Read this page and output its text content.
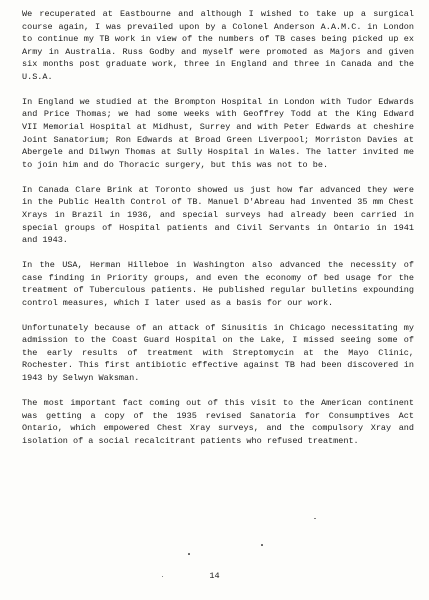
We recuperated at Eastbourne and although I wished to take up a surgical course again, I was prevailed upon by a Colonel Anderson A.A.M.C. in London to continue my TB work in view of the numbers of TB cases being picked up ex Army in Australia. Russ Godby and myself were promoted as Majors and given six months post graduate work, three in England and three in Canada and the U.S.A.

In England we studied at the Brompton Hospital in London with Tudor Edwards and Price Thomas; we had some weeks with Geoffrey Todd at the King Edward VII Memorial Hospital at Midhust, Surrey and with Peter Edwards at cheshire Joint Sanatorium; Ron Edwards at Broad Green Liverpool; Morriston Davies at Abergele and Dilwyn Thomas at Sully Hospital in Wales. The latter invited me to join him and do Thoracic surgery, but this was not to be.

In Canada Clare Brink at Toronto showed us just how far advanced they were in the Public Health Control of TB. Manuel D'Abreau had invented 35 mm Chest Xrays in Brazil in 1936, and special surveys had already been carried in special groups of Hospital patients and Civil Servants in Ontario in 1941 and 1943.

In the USA, Herman Hilleboe in Washington also advanced the necessity of case finding in Priority groups, and even the economy of bed usage for the treatment of Tuberculous patients. He published regular bulletins expounding control measures, which I later used as a basis for our work.

Unfortunately because of an attack of Sinusitis in Chicago necessitating my admission to the Coast Guard Hospital on the Lake, I missed seeing some of the early results of treatment with Streptomycin at the Mayo Clinic, Rochester. This first antibiotic effective against TB had been discovered in 1943 by Selwyn Waksman.

The most important fact coming out of this visit to the American continent was getting a copy of the 1935 revised Sanatoria for Consumptives Act Ontario, which empowered Chest Xray surveys, and the compulsory Xray and isolation of a social recalcitrant patients who refused treatment.

14
